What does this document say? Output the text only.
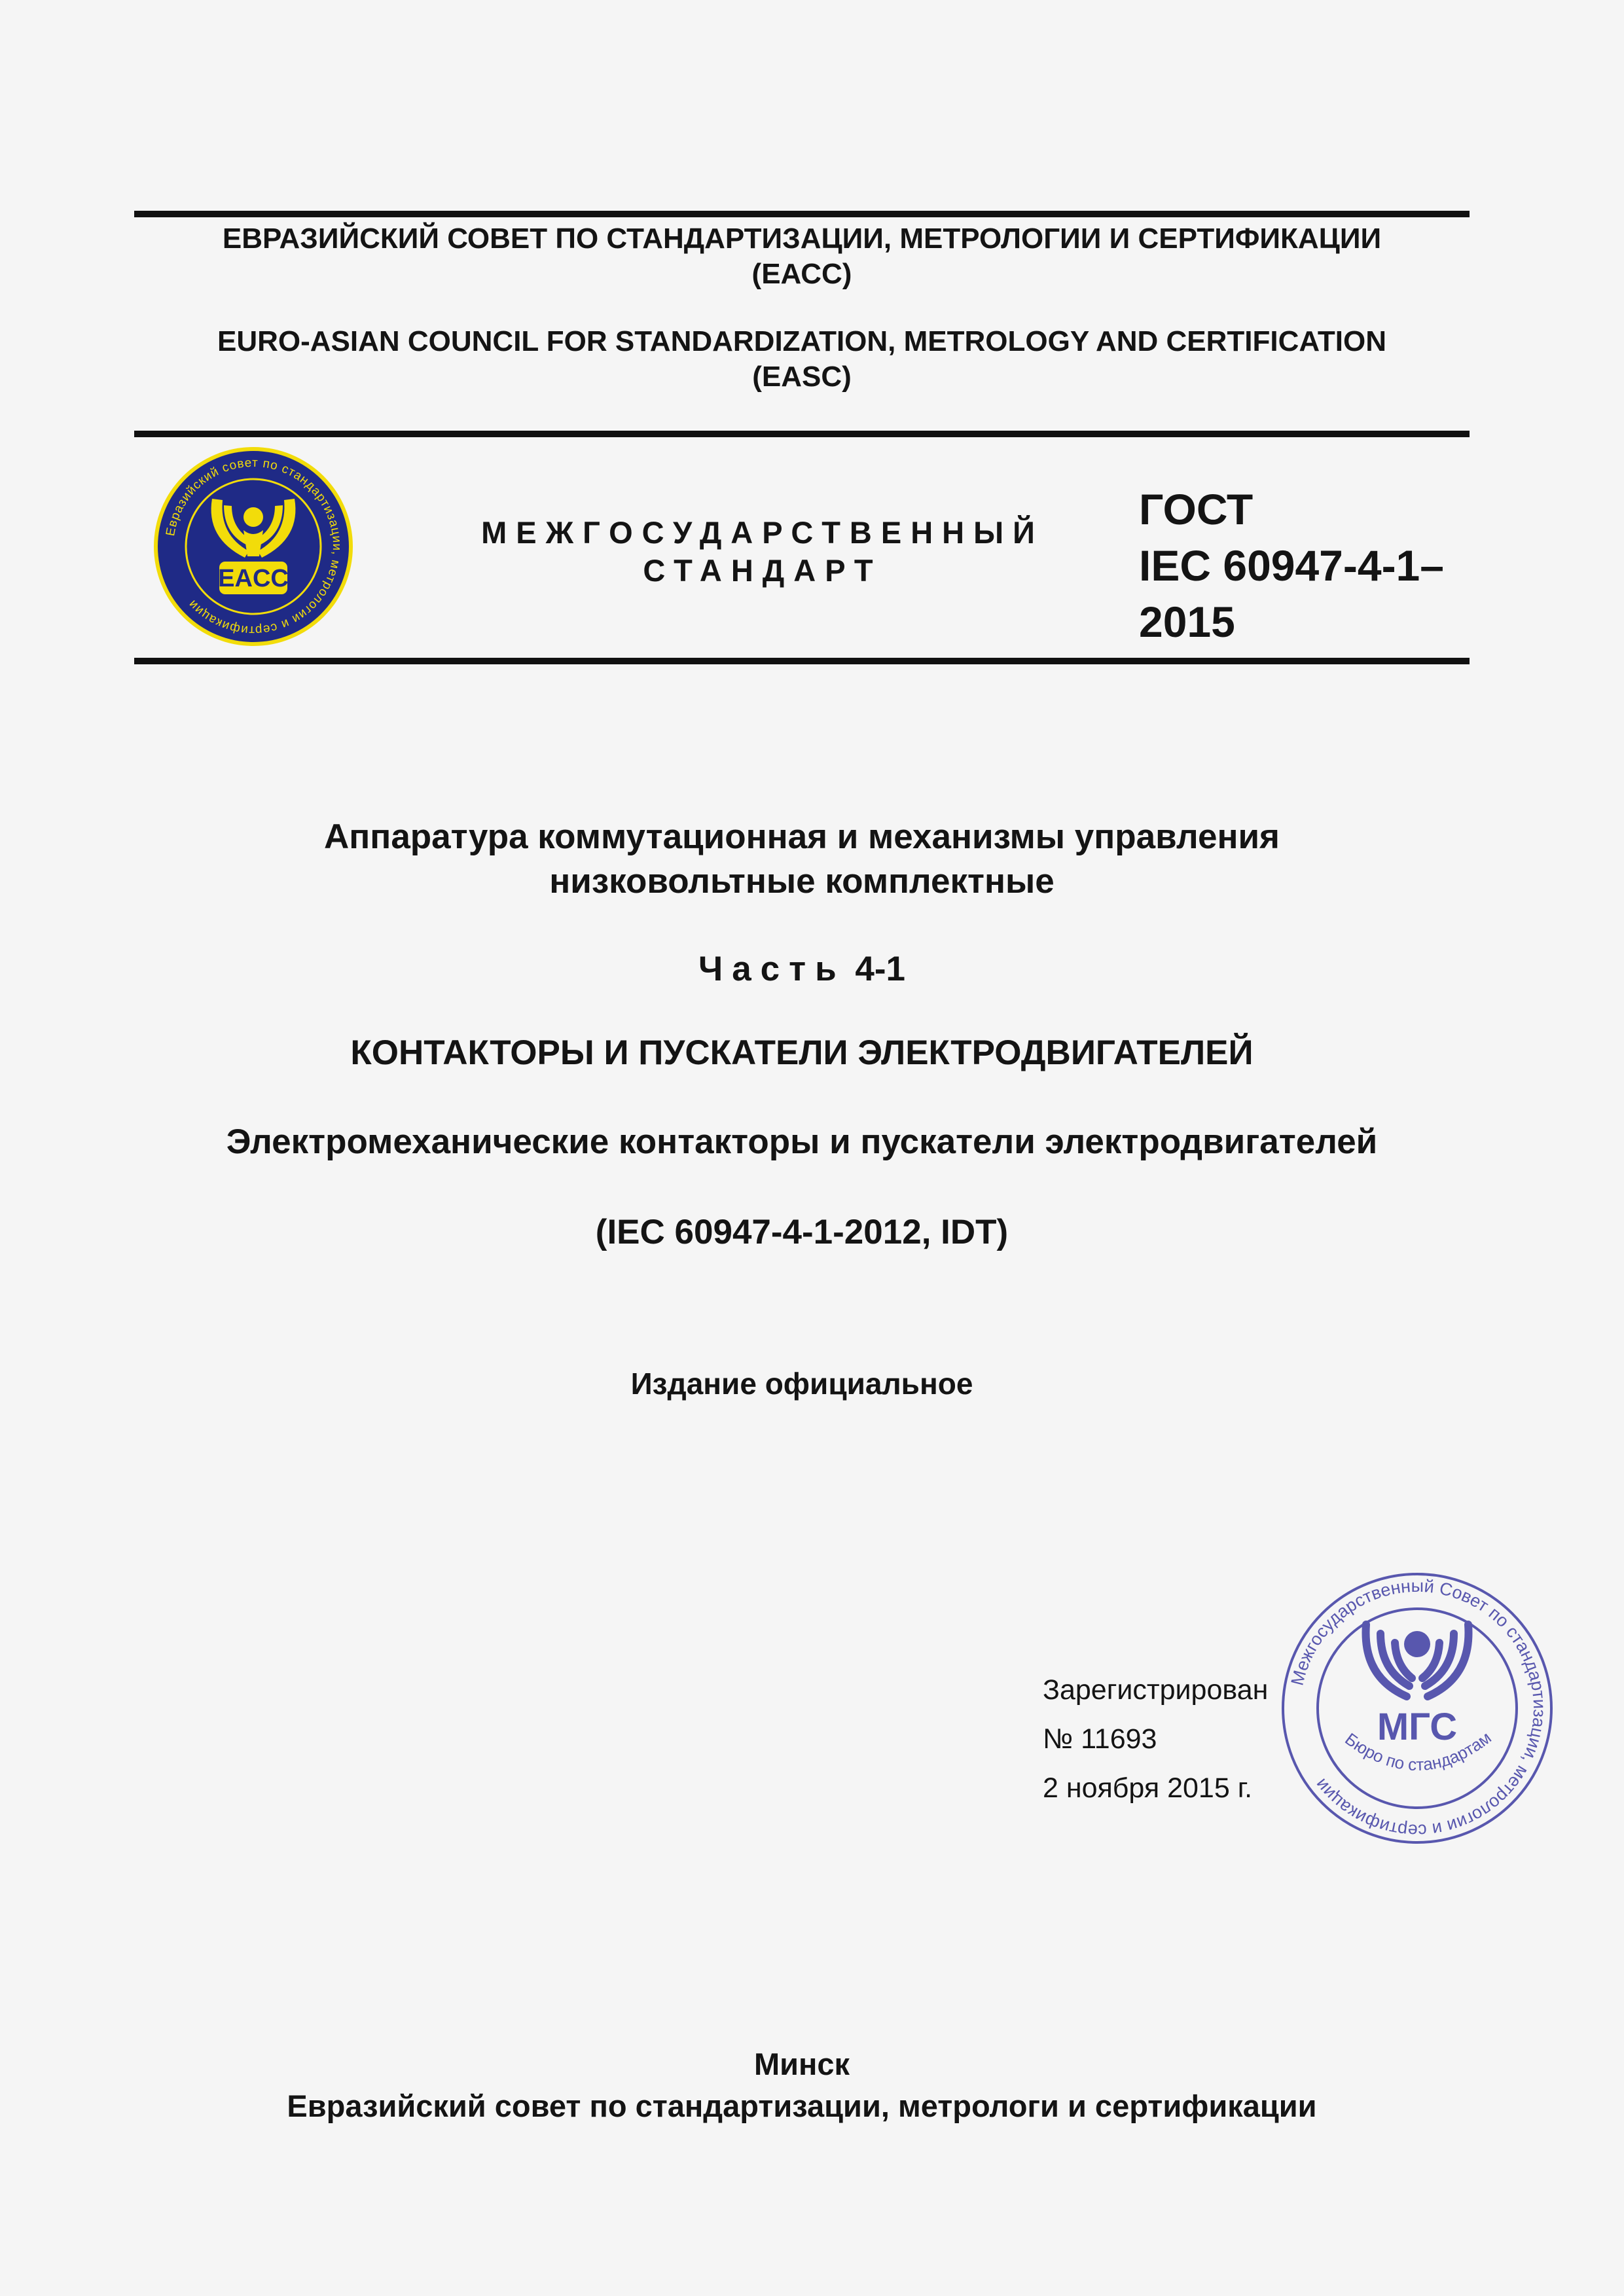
ЕВРАЗИЙСКИЙ СОВЕТ ПО СТАНДАРТИЗАЦИИ, МЕТРОЛОГИИ И СЕРТИФИКАЦИИ
(ЕАСС)
EURO-ASIAN COUNCIL FOR STANDARDIZATION, METROLOGY AND CERTIFICATION
(EASC)
Евразийский совет по стандартизации, метрологии и сертификации
EACC
МЕЖГОСУДАРСТВЕННЫЙ
СТАНДАРТ
ГОСТ
IEC 60947-4-1–
2015
Аппаратура коммутационная и механизмы управления
низковольтные комплектные
Часть 4-1
КОНТАКТОРЫ И ПУСКАТЕЛИ ЭЛЕКТРОДВИГАТЕЛЕЙ
Электромеханические контакторы и пускатели электродвигателей
(IEC 60947-4-1-2012, IDT)
Издание официальное
Зарегистрирован
№ 11693
2 ноября 2015 г.
Межгосударственный Совет по стандартизации, метрологии и сертификации
МГС
Бюро по стандартам
Минск
Евразийский совет по стандартизации, метрологи и сертификации
